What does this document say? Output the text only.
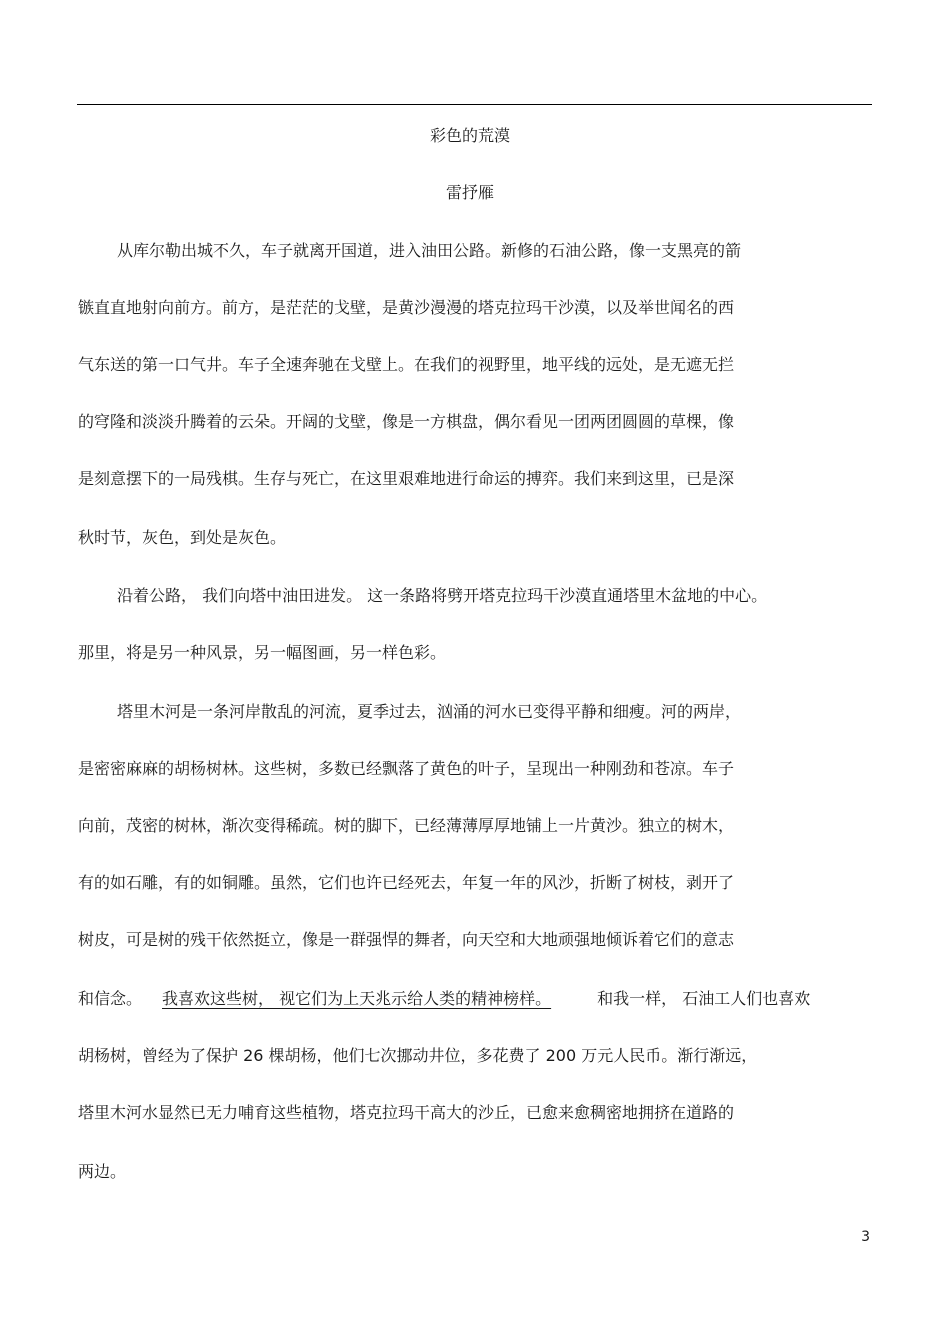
彩色的荒漠
雷抒雁
从库尔勒出城不久，车子就离开国道，进入油田公路。新修的石油公路，像一支黑亮的箭
镞直直地射向前方。前方，是茫茫的戈壁，是黄沙漫漫的塔克拉玛干沙漠，以及举世闻名的西
气东送的第一口气井。车子全速奔驰在戈壁上。在我们的视野里，地平线的远处，是无遮无拦
的穹隆和淡淡升腾着的云朵。开阔的戈壁，像是一方棋盘，偶尔看见一团两团圆圆的草棵，像
是刻意摆下的一局残棋。生存与死亡，在这里艰难地进行命运的搏弈。我们来到这里，已是深
秋时节，灰色，到处是灰色。
沿着公路， 我们向塔中油田进发。 这一条路将劈开塔克拉玛干沙漠直通塔里木盆地的中心。
那里，将是另一种风景，另一幅图画，另一样色彩。
塔里木河是一条河岸散乱的河流，夏季过去，汹涌的河水已变得平静和细瘦。河的两岸，
是密密麻麻的胡杨树林。这些树，多数已经飘落了黄色的叶子，呈现出一种刚劲和苍凉。车子
向前，茂密的树林，渐次变得稀疏。树的脚下，已经薄薄厚厚地铺上一片黄沙。独立的树木，
有的如石雕，有的如铜雕。虽然，它们也许已经死去，年复一年的风沙，折断了树枝，剥开了
树皮，可是树的残干依然挺立，像是一群强悍的舞者，向天空和大地顽强地倾诉着它们的意志
和信念。 我喜欢这些树， 视它们为上天兆示给人类的精神榜样。	和我一样， 石油工人们也喜欢
胡杨树，曾经为了保护 26 棵胡杨，他们七次挪动井位，多花费了 200 万元人民币。渐行渐远，
塔里木河水显然已无力哺育这些植物，塔克拉玛干高大的沙丘，已愈来愈稠密地拥挤在道路的
两边。
3
